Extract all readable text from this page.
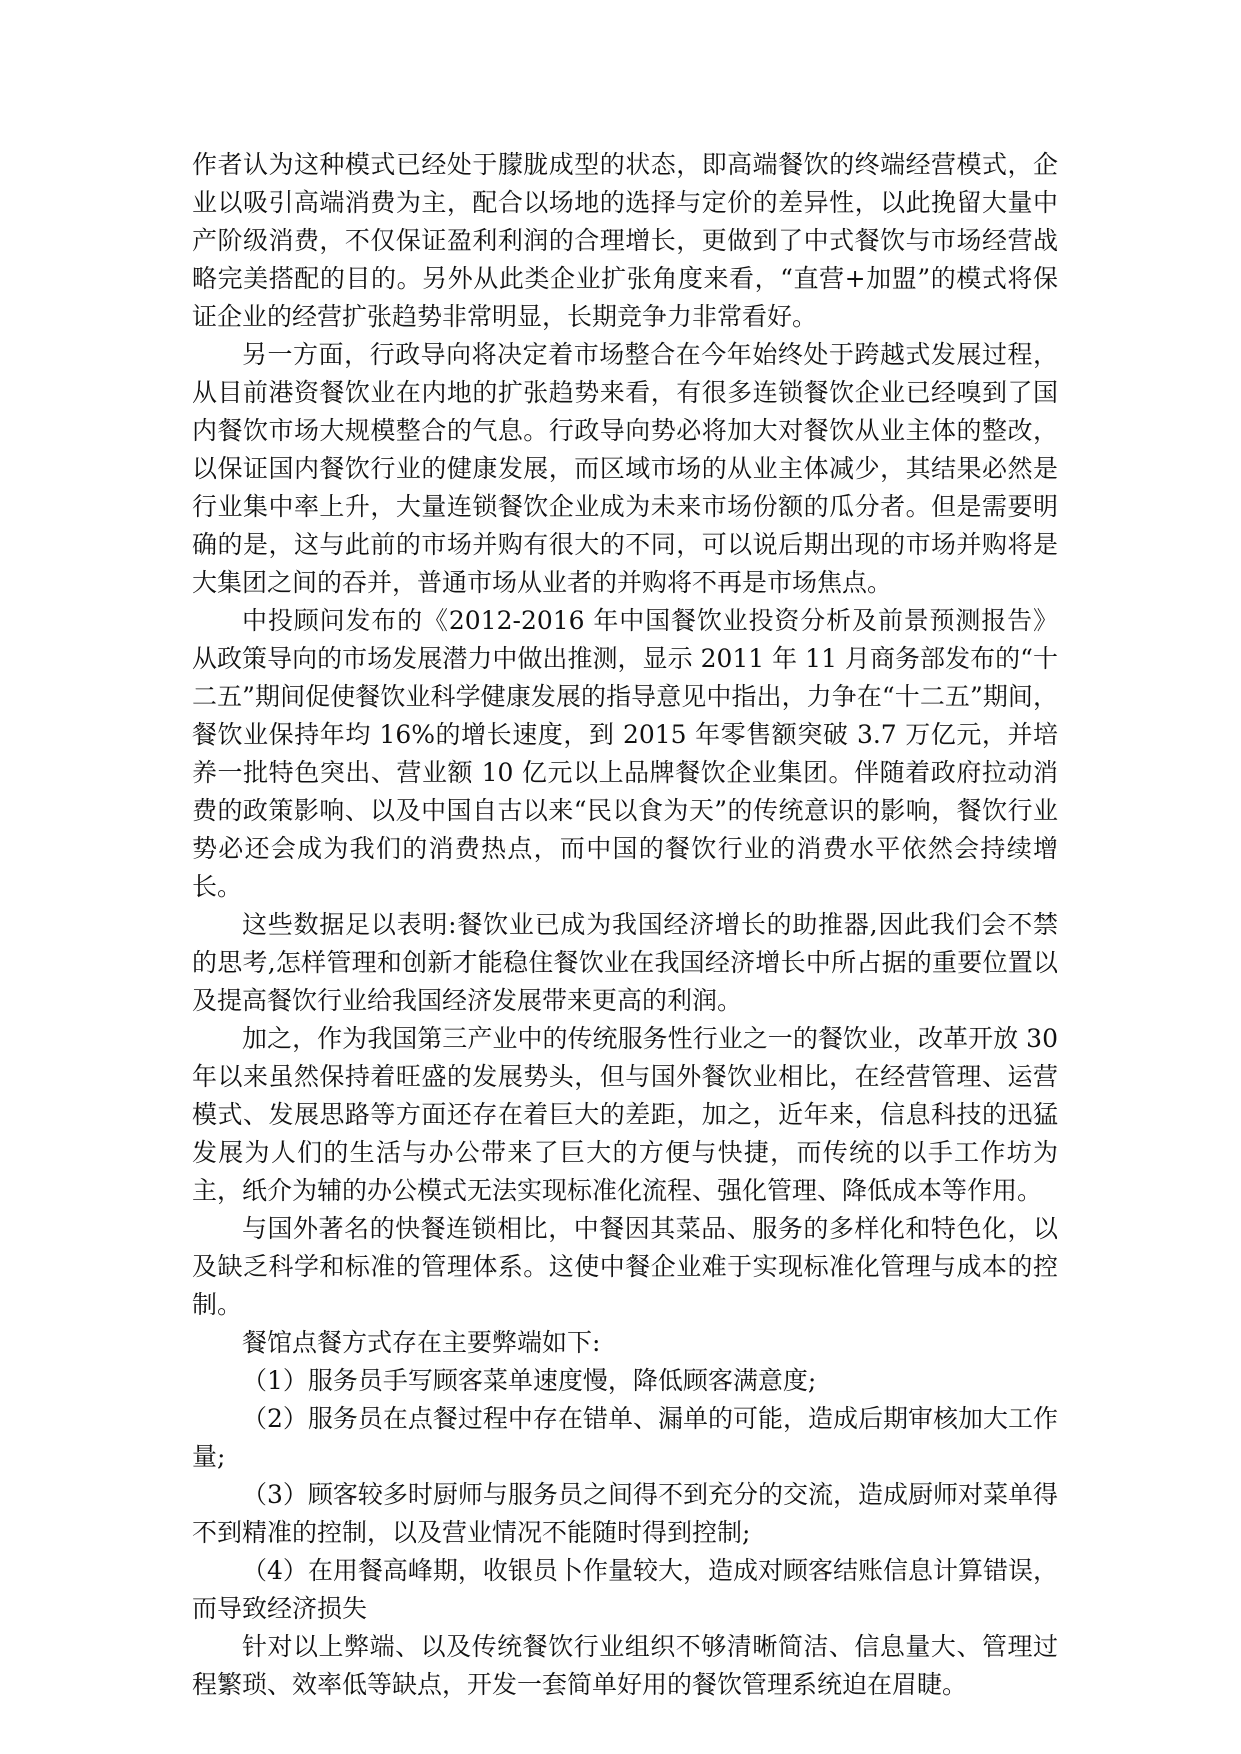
作者认为这种模式已经处于朦胧成型的状态，即高端餐饮的终端经营模式，企业以吸引高端消费为主，配合以场地的选择与定价的差异性，以此挽留大量中产阶级消费，不仅保证盈利利润的合理增长，更做到了中式餐饮与市场经营战略完美搭配的目的。另外从此类企业扩张角度来看，“直营+加盟”的模式将保证企业的经营扩张趋势非常明显，长期竞争力非常看好。

另一方面，行政导向将决定着市场整合在今年始终处于跨越式发展过程，从目前港资餐饮业在内地的扩张趋势来看，有很多连锁餐饮企业已经嗅到了国内餐饮市场大规模整合的气息。行政导向势必将加大对餐饮从业主体的整改，以保证国内餐饮行业的健康发展，而区域市场的从业主体减少，其结果必然是行业集中率上升，大量连锁餐饮企业成为未来市场份额的瓜分者。但是需要明确的是，这与此前的市场并购有很大的不同，可以说后期出现的市场并购将是大集团之间的吞并，普通市场从业者的并购将不再是市场焦点。

中投顾问发布的《2012-2016 年中国餐饮业投资分析及前景预测报告》从政策导向的市场发展潜力中做出推测，显示 2011 年 11 月商务部发布的“十二五”期间促使餐饮业科学健康发展的指导意见中指出，力争在“十二五”期间，餐饮业保持年均 16%的增长速度，到 2015 年零售额突破 3.7 万亿元，并培养一批特色突出、营业额 10 亿元以上品牌餐饮企业集团。伴随着政府拉动消费的政策影响、以及中国自古以来“民以食为天”的传统意识的影响，餐饮行业势必还会成为我们的消费热点，而中国的餐饮行业的消费水平依然会持续增长。

这些数据足以表明:餐饮业已成为我国经济增长的助推器,因此我们会不禁的思考,怎样管理和创新才能稳住餐饮业在我国经济增长中所占据的重要位置以及提高餐饮行业给我国经济发展带来更高的利润。

加之，作为我国第三产业中的传统服务性行业之一的餐饮业，改革开放 30 年以来虽然保持着旺盛的发展势头，但与国外餐饮业相比，在经营管理、运营模式、发展思路等方面还存在着巨大的差距，加之，近年来，信息科技的迅猛发展为人们的生活与办公带来了巨大的方便与快捷，而传统的以手工作坊为主，纸介为辅的办公模式无法实现标准化流程、强化管理、降低成本等作用。

与国外著名的快餐连锁相比，中餐因其菜品、服务的多样化和特色化，以及缺乏科学和标准的管理体系。这使中餐企业难于实现标准化管理与成本的控制。

餐馆点餐方式存在主要弊端如下:

（1）服务员手写顾客菜单速度慢，降低顾客满意度;

（2）服务员在点餐过程中存在错单、漏单的可能，造成后期审核加大工作量;

（3）顾客较多时厨师与服务员之间得不到充分的交流，造成厨师对菜单得不到精准的控制，以及营业情况不能随时得到控制;

（4）在用餐高峰期，收银员卜作量较大，造成对顾客结账信息计算错误，而导致经济损失

针对以上弊端、以及传统餐饮行业组织不够清晰简洁、信息量大、管理过程繁琐、效率低等缺点，开发一套简单好用的餐饮管理系统迫在眉睫。
